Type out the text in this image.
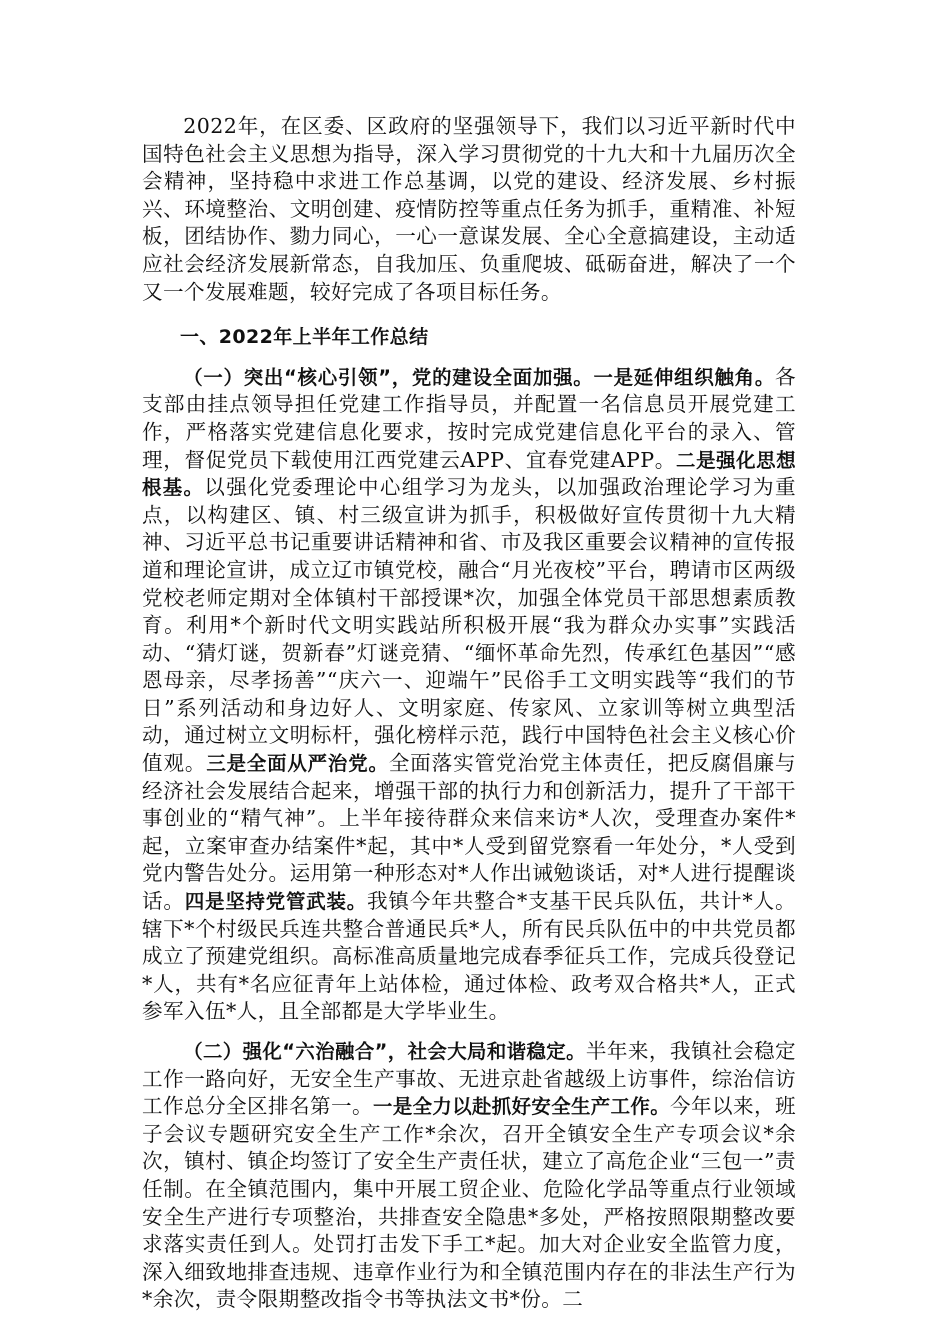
2022年，在区委、区政府的坚强领导下，我们以习近平新时代中国特色社会主义思想为指导，深入学习贯彻党的十九大和十九届历次全会精神，坚持稳中求进工作总基调，以党的建设、经济发展、乡村振兴、环境整治、文明创建、疫情防控等重点任务为抓手，重精准、补短板，团结协作、勠力同心，一心一意谋发展、全心全意搞建设，主动适应社会经济发展新常态，自我加压、负重爬坡、砥砺奋进，解决了一个又一个发展难题，较好完成了各项目标任务。

一、2022年上半年工作总结

（一）突出“核心引领”，党的建设全面加强。一是延伸组织触角。各支部由挂点领导担任党建工作指导员，并配置一名信息员开展党建工作，严格落实党建信息化要求，按时完成党建信息化平台的录入、管理，督促党员下载使用江西党建云APP、宜春党建APP。二是强化思想根基。以强化党委理论中心组学习为龙头，以加强政治理论学习为重点，以构建区、镇、村三级宣讲为抓手，积极做好宣传贯彻十九大精神、习近平总书记重要讲话精神和省、市及我区重要会议精神的宣传报道和理论宣讲，成立辽市镇党校，融合“月光夜校”平台，聘请市区两级党校老师定期对全体镇村干部授课*次，加强全体党员干部思想素质教育。利用*个新时代文明实践站所积极开展“我为群众办实事”实践活动、“猜灯谜，贺新春”灯谜竞猜、“缅怀革命先烈，传承红色基因”“感恩母亲，尽孝扬善”“庆六一、迎端午”民俗手工文明实践等“我们的节日”系列活动和身边好人、文明家庭、传家风、立家训等树立典型活动，通过树立文明标杆，强化榜样示范，践行中国特色社会主义核心价值观。三是全面从严治党。全面落实管党治党主体责任，把反腐倡廉与经济社会发展结合起来，增强干部的执行力和创新活力，提升了干部干事创业的“精气神”。上半年接待群众来信来访*人次，受理查办案件*起，立案审查办结案件*起，其中*人受到留党察看一年处分，*人受到党内警告处分。运用第一种形态对*人作出诫勉谈话，对*人进行提醒谈话。四是坚持党管武装。我镇今年共整合*支基干民兵队伍，共计*人。辖下*个村级民兵连共整合普通民兵*人，所有民兵队伍中的中共党员都成立了预建党组织。高标准高质量地完成春季征兵工作，完成兵役登记*人，共有*名应征青年上站体检，通过体检、政考双合格共*人，正式参军入伍*人，且全部都是大学毕业生。

（二）强化“六治融合”，社会大局和谐稳定。半年来，我镇社会稳定工作一路向好，无安全生产事故、无进京赴省越级上访事件，综治信访工作总分全区排名第一。一是全力以赴抓好安全生产工作。今年以来，班子会议专题研究安全生产工作*余次，召开全镇安全生产专项会议*余次，镇村、镇企均签订了安全生产责任状，建立了高危企业“三包一”责任制。在全镇范围内，集中开展工贸企业、危险化学品等重点行业领域安全生产进行专项整治，共排查安全隐患*多处，严格按照限期整改要求落实责任到人。处罚打击发下手工*起。加大对企业安全监管力度，深入细致地排查违规、违章作业行为和全镇范围内存在的非法生产行为*余次，责令限期整改指令书等执法文书*份。二
